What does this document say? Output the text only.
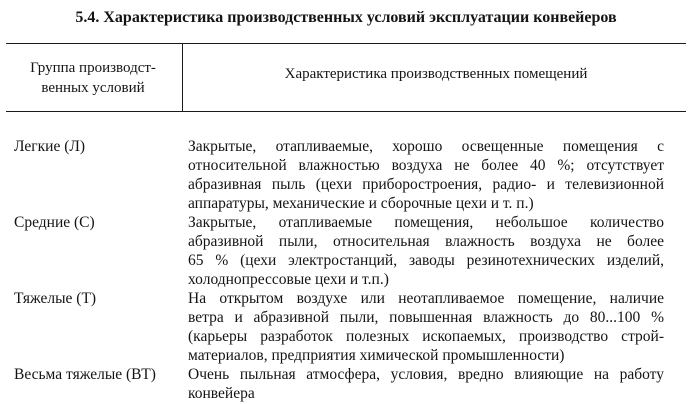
5.4. Характеристика производственных условий эксплуатации конвейеров
Группа производст-
венных условий
Характеристика производственных помещений
Легкие (Л)	Закрытые, отапливаемые, хорошо освещенные помещения с
относительной влажностью воздуха не более 40 %; отсутствует
абразивная пыль (цехи приборостроения, радио- и телевизионной
аппаратуры, механические и сборочные цехи и т. п.)
Средние (С)	Закрытые, отапливаемые помещения, небольшое количество
абразивной пыли, относительная влажность воздуха не более
65 % (цехи электростанций, заводы резинотехнических изделий,
холоднопрессовые цехи и т.п.)
Тяжелые (Т)	На открытом воздухе или неотапливаемое помещение, наличие
ветра и абразивной пыли, повышенная влажность до 80...100 %
(карьеры разработок полезных ископаемых, производство строй-
материалов, предприятия химической промышленности)
Весьма тяжелые (ВТ)	Очень пыльная атмосфера, условия, вредно влияющие на работу
конвейера
